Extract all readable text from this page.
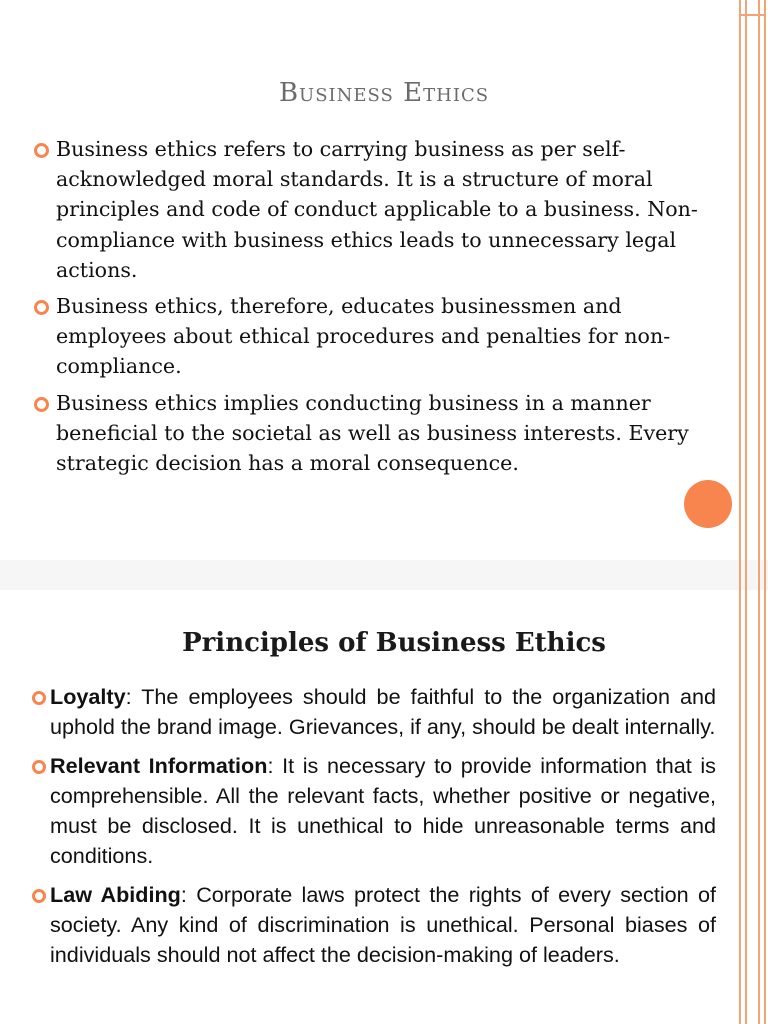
Business Ethics
Business ethics refers to carrying business as per self-acknowledged moral standards. It is a structure of moral principles and code of conduct applicable to a business. Non-compliance with business ethics leads to unnecessary legal actions.
Business ethics, therefore, educates businessmen and employees about ethical procedures and penalties for non-compliance.
Business ethics implies conducting business in a manner beneficial to the societal as well as business interests. Every strategic decision has a moral consequence.
Principles of Business Ethics
Loyalty: The employees should be faithful to the organization and uphold the brand image. Grievances, if any, should be dealt internally.
Relevant Information: It is necessary to provide information that is comprehensible. All the relevant facts, whether positive or negative, must be disclosed. It is unethical to hide unreasonable terms and conditions.
Law Abiding: Corporate laws protect the rights of every section of society. Any kind of discrimination is unethical. Personal biases of individuals should not affect the decision-making of leaders.
